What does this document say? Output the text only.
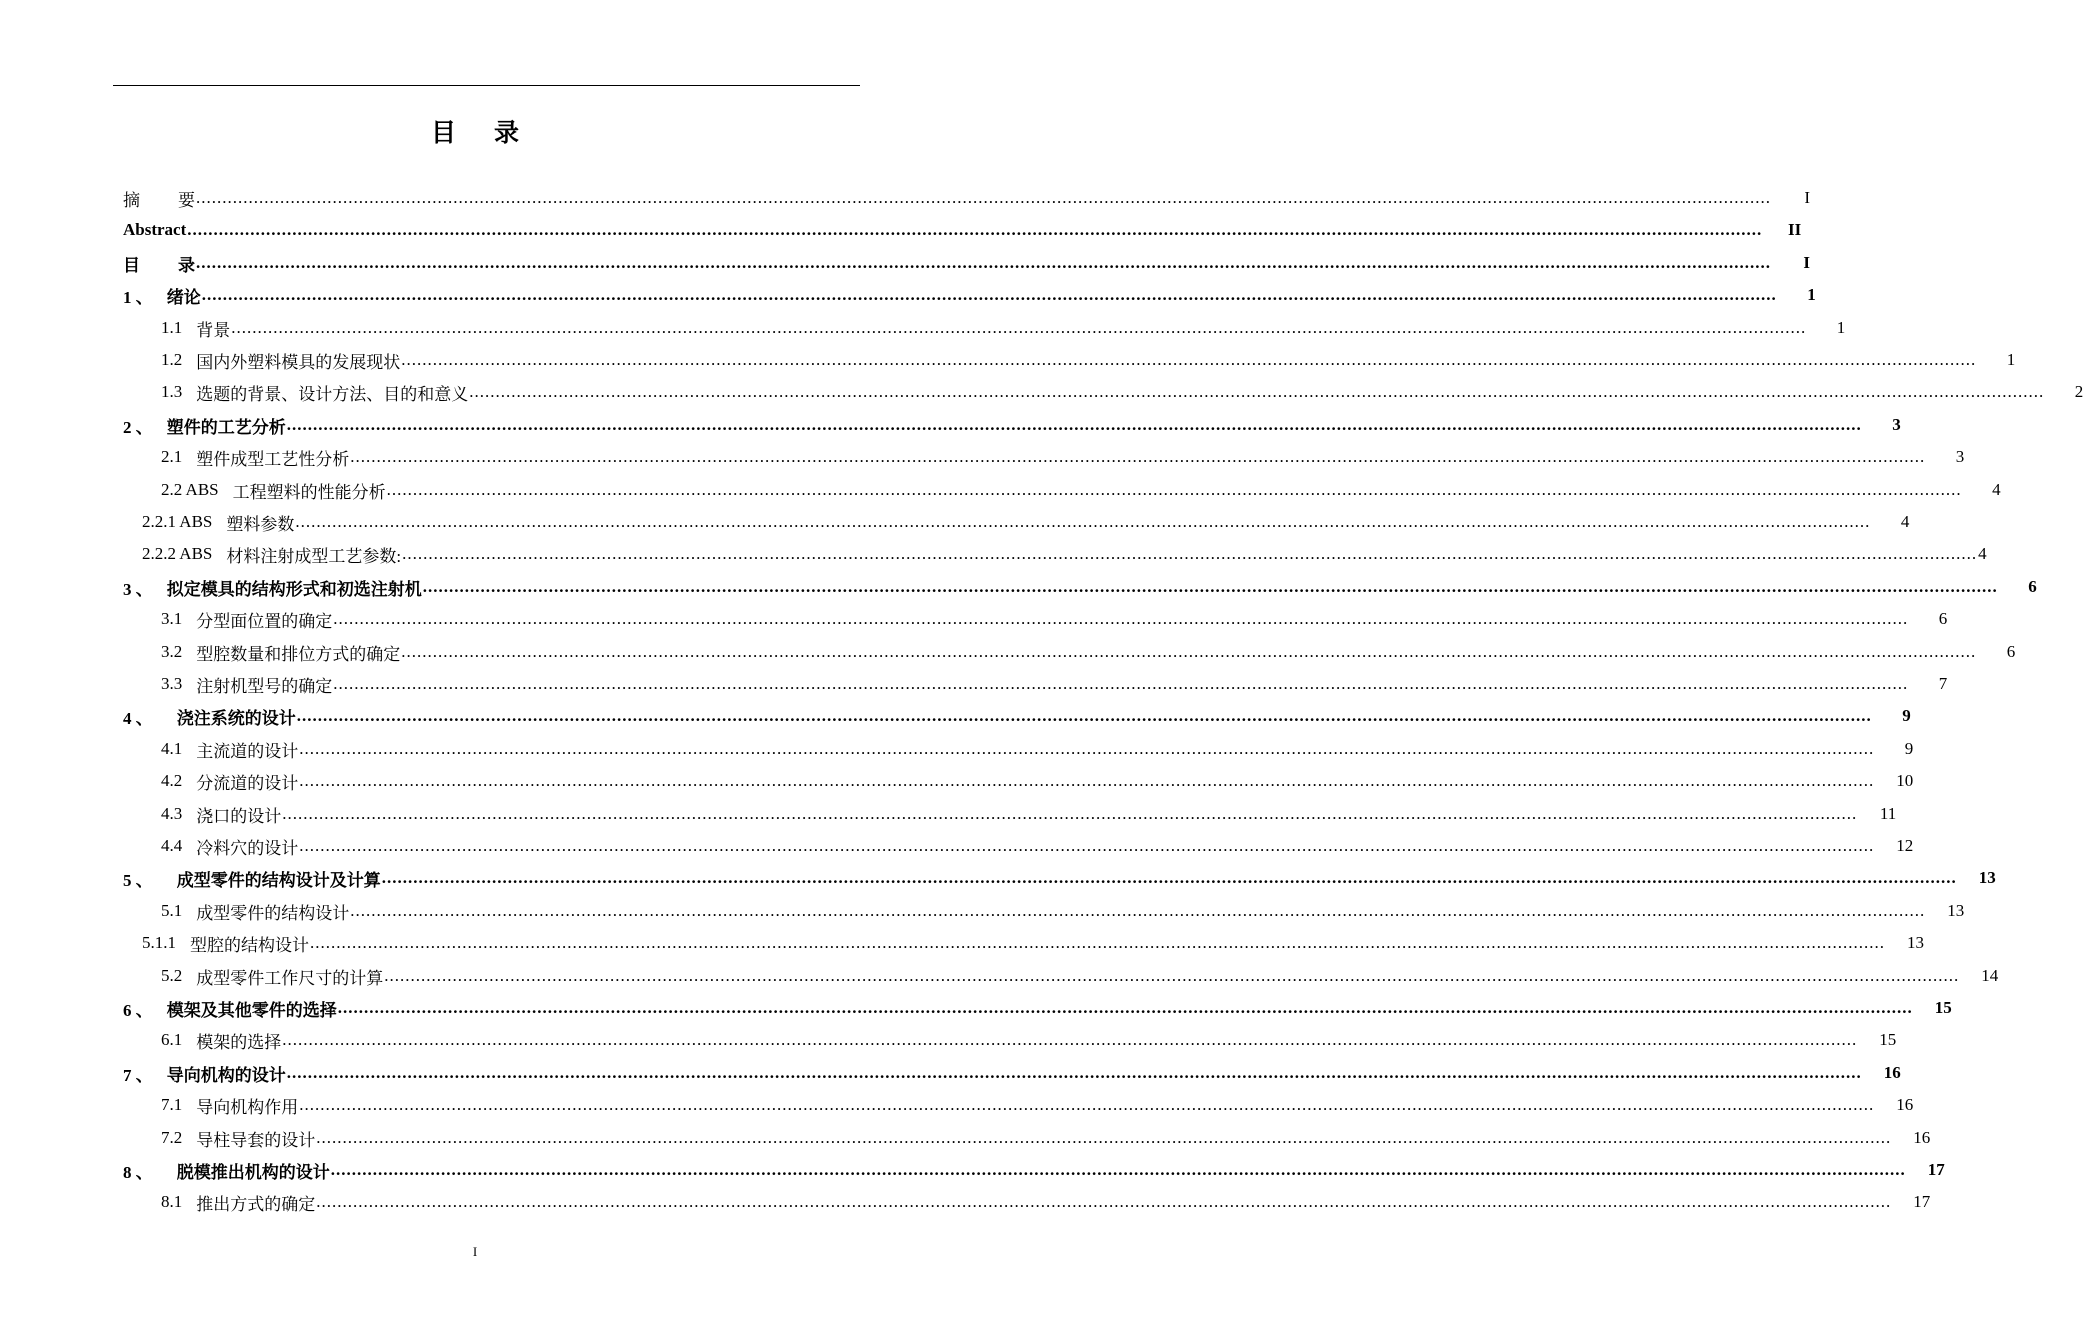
目录
摘 要 ............................................................................................................................................................................................................................................................................................................	I
Abstract ............................................................................................................................................................................................................................................................................................................	II
目 录 ............................................................................................................................................................................................................................................................................................................	I
1 、 绪论 ............................................................................................................................................................................................................................................................................................................	1
1.1 背景 ............................................................................................................................................................................................................................................................................................................	1
1.2 国内外塑料模具的发展现状 ............................................................................................................................................................................................................................................................................................................	1
1.3 选题的背景、设计方法、目的和意义 ............................................................................................................................................................................................................................................................................................................	2
2 、 塑件的工艺分析 ............................................................................................................................................................................................................................................................................................................	3
2.1 塑件成型工艺性分析 ............................................................................................................................................................................................................................................................................................................	3
2.2 ABS 工程塑料的性能分析 ............................................................................................................................................................................................................................................................................................................	4
2.2.1 ABS 塑料参数 ............................................................................................................................................................................................................................................................................................................	4
2.2.2 ABS 材料注射成型工艺参数: ............................................................................................................................................................................................................................................................................................................ 4
3 、 拟定模具的结构形式和初选注射机 ............................................................................................................................................................................................................................................................................................................	6
3.1 分型面位置的确定 ............................................................................................................................................................................................................................................................................................................	6
3.2 型腔数量和排位方式的确定 ............................................................................................................................................................................................................................................................................................................	6
3.3 注射机型号的确定 ............................................................................................................................................................................................................................................................................................................	7
4 、 浇注系统的设计 ............................................................................................................................................................................................................................................................................................................	9
4.1 主流道的设计 ............................................................................................................................................................................................................................................................................................................	9
4.2 分流道的设计 ............................................................................................................................................................................................................................................................................................................	10
4.3 浇口的设计 ............................................................................................................................................................................................................................................................................................................	11
4.4 冷料穴的设计 ............................................................................................................................................................................................................................................................................................................	12
5 、 成型零件的结构设计及计算 ............................................................................................................................................................................................................................................................................................................	13
5.1 成型零件的结构设计 ............................................................................................................................................................................................................................................................................................................	13
5.1.1 型腔的结构设计 ............................................................................................................................................................................................................................................................................................................	13
5.2 成型零件工作尺寸的计算 ............................................................................................................................................................................................................................................................................................................	14
6 、 模架及其他零件的选择 ............................................................................................................................................................................................................................................................................................................	15
6.1 模架的选择 ............................................................................................................................................................................................................................................................................................................	15
7 、 导向机构的设计 ............................................................................................................................................................................................................................................................................................................	16
7.1 导向机构作用 ............................................................................................................................................................................................................................................................................................................	16
7.2 导柱导套的设计 ............................................................................................................................................................................................................................................................................................................	16
8 、 脱模推出机构的设计 ............................................................................................................................................................................................................................................................................................................	17
8.1 推出方式的确定 ............................................................................................................................................................................................................................................................................................................	17
I
